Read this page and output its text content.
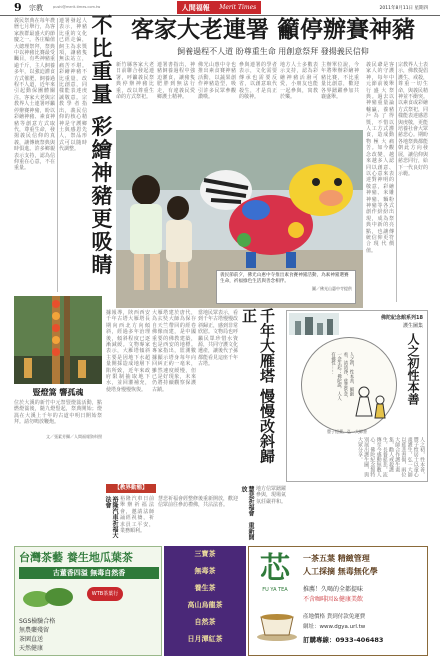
9 宗教	pushi@merit-times.com.tw	人間福報 Merit Times	2011年8月11日 星期四
義民祭典在每年農曆七月舉行，為客家族群最盛大的節慶之一。各庄輪值大總理祭拜，祭典中以神豬比賽最受矚目，有些神豬重逾千斤，主人飼養多年，以強迫灌食方式催肥，飼養過程不人道，近年來引起動保團體關注。客家大老與宗教界人士連署呼籲停辦賽神豬，盼以彩繪神豬、素食神豬等創意方式取代，尊重生命，發揚義民信仰的真義，讓傳統祭典與時俱進。許多鄉親表示支持，認為信仰重在心意，不在重量。
連署發起人表示，神豬比重的文化已經走偏，飼主為求獎項，讓豬隻無法站立，痛苦不堪。彩繪神豬不比重量，改比創意，同樣能表達虔誠敬意。宗教學者指出，義民信仰的核心精神是守護鄉土與感恩先人，祭品形式可以隨時代調整。 不比重量 彩繪神豬更吸睛 客家大老連署 籲停辦賽神豬
飼養過程不人道 盼尊重生命 用創意祭拜 發揚義民信仰
新竹縣客家大老日前聯合發起連署，呼籲義民祭典停辦神豬比重，改以尊重生命的方式祭祀。
連署書指出，神豬飼養過程中強迫灌食，讓豬隻肥胖到無法行走，有違義民愛鄉護土精神。
佛光山惠中寺也推出素食賽神豬活動，以蔬果創作神豬造型，吸引許多民眾參觀讚嘆。
參與連署的學者表示，文化需要傳承也需要反省，以創意取代殺生，才是真正的敬神。
地方人士多數表示支持，認為彩繪神豬活潑可愛，小朋友也能一起參與，寓教於樂。
主辦單位說，今年將舉辦彩繪神豬比賽，不比重量比創意，歡迎各界踴躍參加共襄盛舉。
義民爺是客家人的守護神，每年中元節前後舉行盛大祭典。過去以神豬重量論輸贏，養豬戶為了得獎，不惜以人工方式灌食，造成動物極大痛苦。如今觀念改變，越來越多人認同以創意、以心意來表達對神明的敬意，彩繪神豬、米雕神豬、麵粉神豬等各式創作紛紛出現，成為祭典中新的亮點，也讓傳統信仰更符合現代價值。
宗教界人士表示，佛教提倡護生、戒殺，尊重一切生命，與義民精神並不衝突。以素食或彩繪方式祭祀，同樣能表達感恩與虔敬，更能培養社會大眾慈悲心。期盼各地祭典都能朝此方向發展，讓信仰與慈悲同行，給下一代良好的示範。
義民節前夕，佛光山惠中寺推出素食賽神豬活動，為素神豬選賽生命，祈福綠色生活與善念相伴。
圖／佛光山惠中寺提供
豎燈篙 響孤魂
位於大溪的新竹中元祭豎燈篙活動，點燃燈篙後，隨九燈豎起，祭典開始；燈篙在大溪上千年的古道中明日開始祭拜。請勿鳴放鞭炮。
文／張素芳攝／人間福報資料照
據報導，陝西西安千年古塔大雁塔長期向西北方向傾斜，經過多年治理後，傾斜程度已逐漸減緩。文物專家表示，大雁塔傾斜主要是因地下水超量開採造成地層下陷所致，近年來政府限制抽取地下水，並回灌補充，使塔身慢慢恢復。
大雁塔建於唐代，為玄奘大師為保存自天竺帶回的經卷佛像而建，是中國重要的佛教建築，也是西安的地標。專家指出，監測數據顯示塔身每年向回糾正約一毫米，雖然速度緩慢，但已是好現象，未來仍將持續觀察保護古蹟。
當地民眾表示，看到千年古塔慢慢改斜歸正，感到非常欣慰。文物局也呼籲民眾珍惜水資源，共同守護文化遺產，讓後代子孫都能看見這座千年古塔。	千年大雁塔 慢慢改斜歸正	佛陀紀念館系列18
護生圖集
人之初，性本善，細細看，清清淨，慈悲常念，一念生起；佛陀說，人人有佛性……	人之初性本善
人之初，性本善，豐子愷居士以童心畫護生，弘一大師以慈悲書偈，兩位大師合作護生畫集，勸人戒殺護生，長養慈悲，流傳至今感動無數人心。佛陀紀念館特別展出護生圖，與大眾分享。
豐子愷畫、弘一大師書
【教界動態】
裕隆汽車祈福大法會	裕隆汽車日前舉辦祈福法會，邀請法師誦經祝禱，祈求員工平安，業務順利。	慧悲祈福會　重新開放
慧悲祈福會經整修後重新開放，歡迎信眾前往參訪禮佛，共沾法喜。
地方信眾踴躍參與，現場氣氛莊嚴祥和。
台灣茶藝 養生地瓜葉茶
古董香四溢 無毒自然香
WTB茶葉行
SGS檢驗合格
無農藥殘留
茶園直送
天然健康
三寶茶
無毒茶
養生茶
高山烏龍茶
自然茶
日月潭紅茶
芯
FU YA TEA
一茶五葉 精緻管理
人工採摘 無毒無化學
推薦！久喝的全都提味
不含咖啡因＆健康美飲
產地價格 貨到付款免運費
網址：www.dgya.url.tw
訂購專線：0933-406483
